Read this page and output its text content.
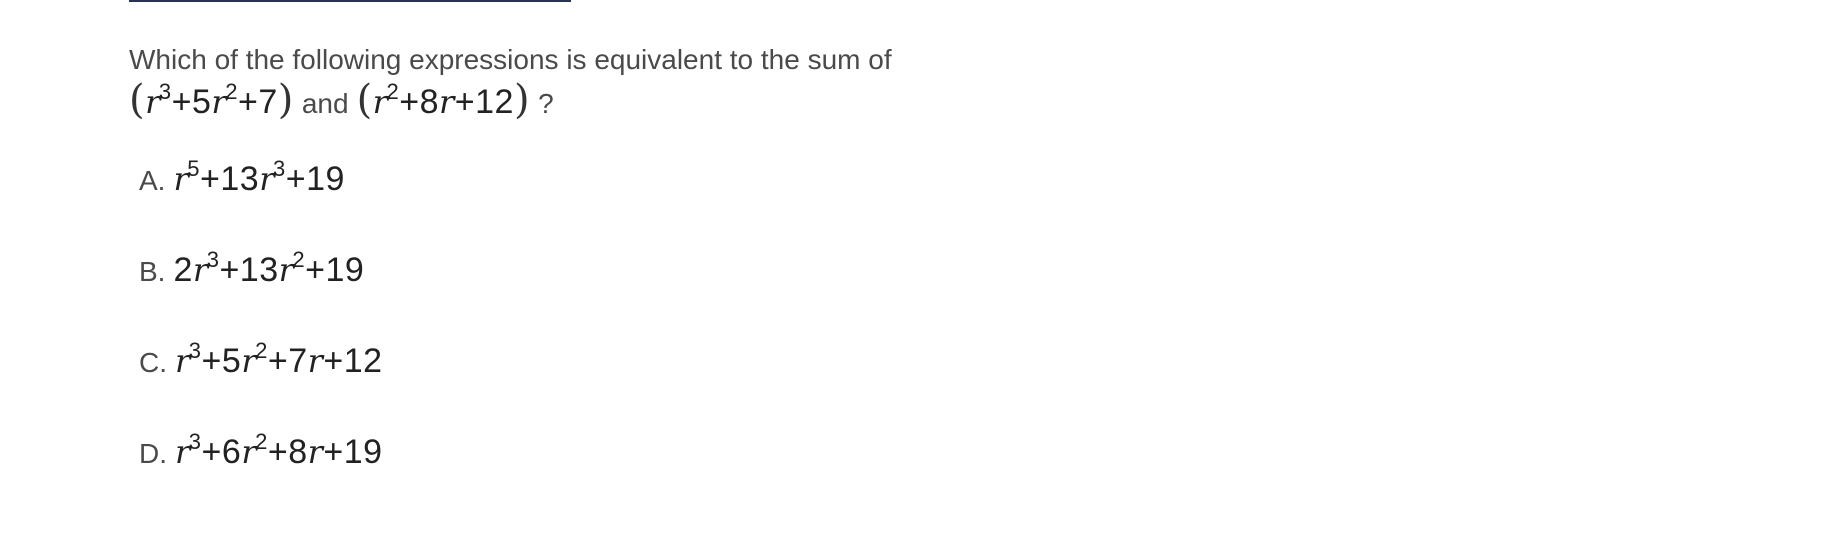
Which of the following expressions is equivalent to the sum of
$(r^3+5r^2+7)$ and $(r^2+8r+12)$ ?
A. $r^5+13r^3+19$
B. $2r^3+13r^2+19$
C. $r^3+5r^2+7r+12$
D. $r^3+6r^2+8r+19$
